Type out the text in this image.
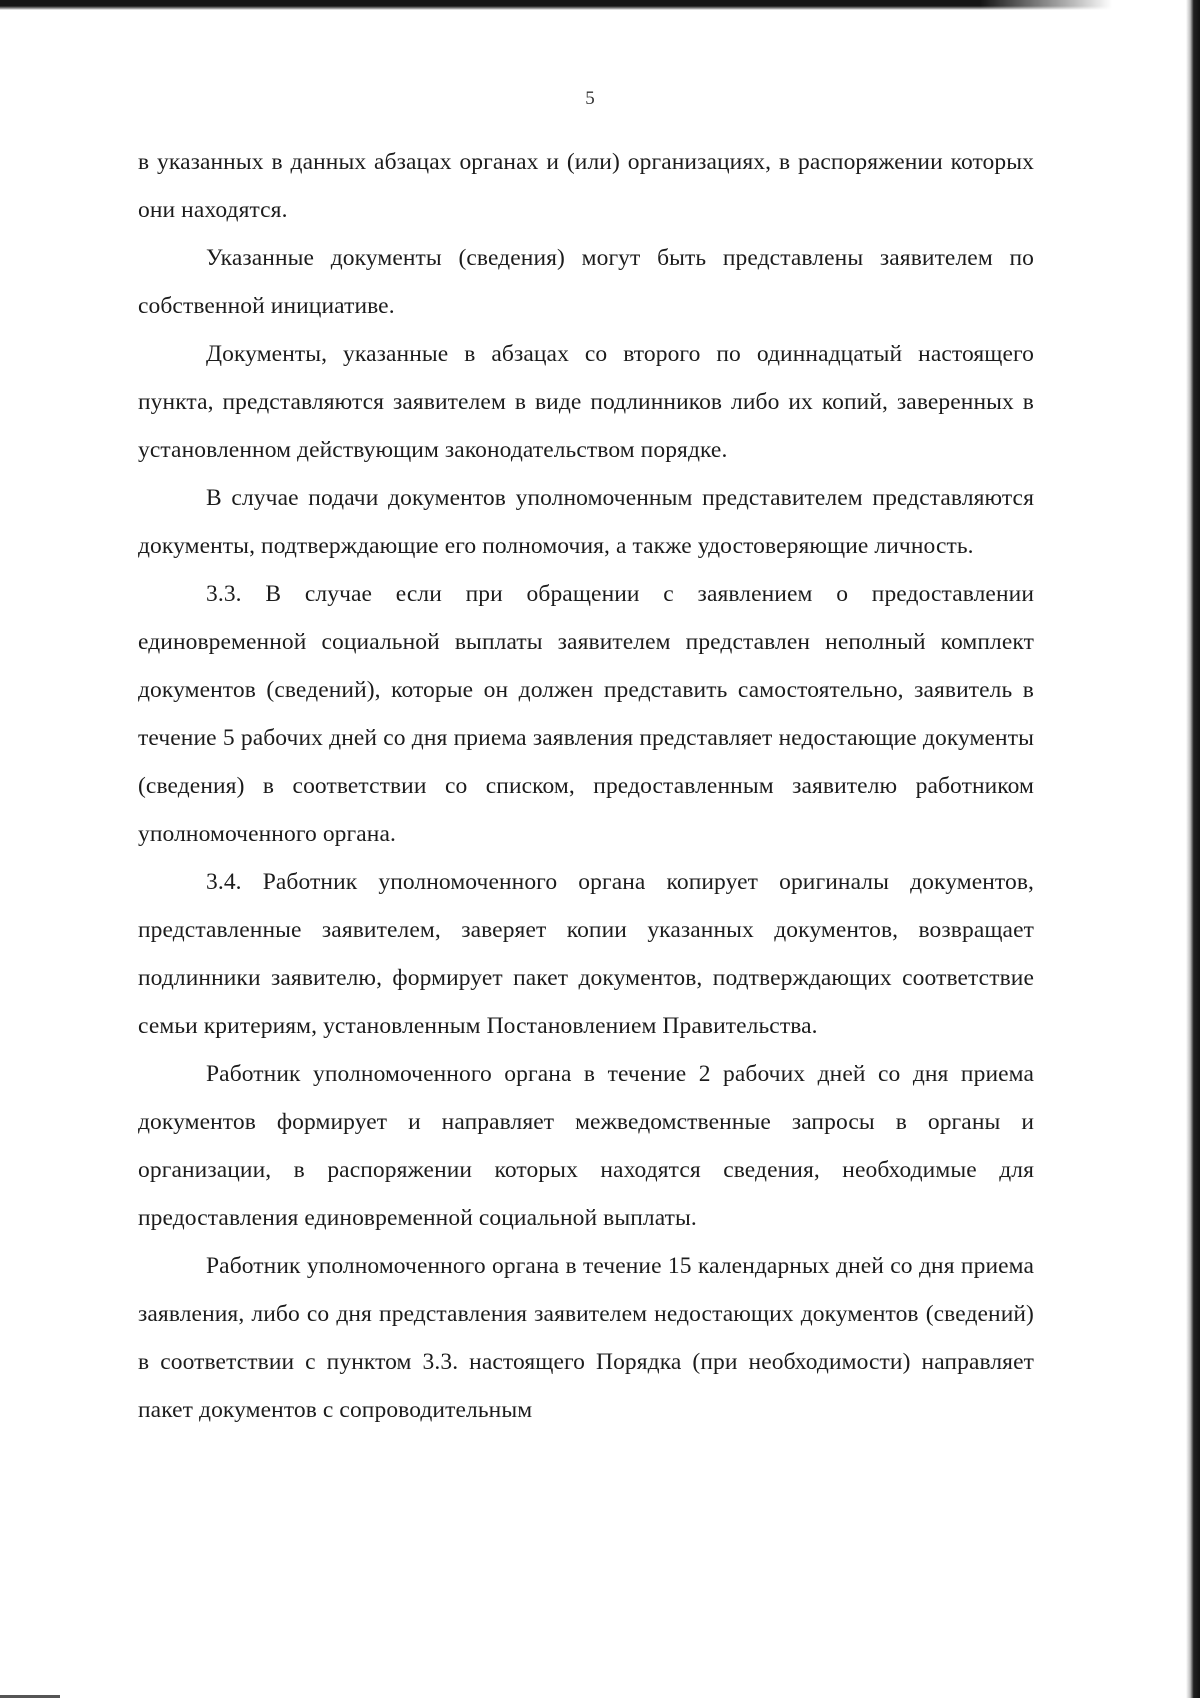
5

в указанных в данных абзацах органах и (или) организациях, в распоряжении которых они находятся.

Указанные документы (сведения) могут быть представлены заявителем по собственной инициативе.

Документы, указанные в абзацах со второго по одиннадцатый настоящего пункта, представляются заявителем в виде подлинников либо их копий, заверенных в установленном действующим законодательством порядке.

В случае подачи документов уполномоченным представителем представляются документы, подтверждающие его полномочия, а также удостоверяющие личность.

3.3. В случае если при обращении с заявлением о предоставлении единовременной социальной выплаты заявителем представлен неполный комплект документов (сведений), которые он должен представить самостоятельно, заявитель в течение 5 рабочих дней со дня приема заявления представляет недостающие документы (сведения) в соответствии со списком, предоставленным заявителю работником уполномоченного органа.

3.4. Работник уполномоченного органа копирует оригиналы документов, представленные заявителем, заверяет копии указанных документов, возвращает подлинники заявителю, формирует пакет документов, подтверждающих соответствие семьи критериям, установленным Постановлением Правительства.

Работник уполномоченного органа в течение 2 рабочих дней со дня приема документов формирует и направляет межведомственные запросы в органы и организации, в распоряжении которых находятся сведения, необходимые для предоставления единовременной социальной выплаты.

Работник уполномоченного органа в течение 15 календарных дней со дня приема заявления, либо со дня представления заявителем недостающих документов (сведений) в соответствии с пунктом 3.3. настоящего Порядка (при необходимости) направляет пакет документов с сопроводительным
